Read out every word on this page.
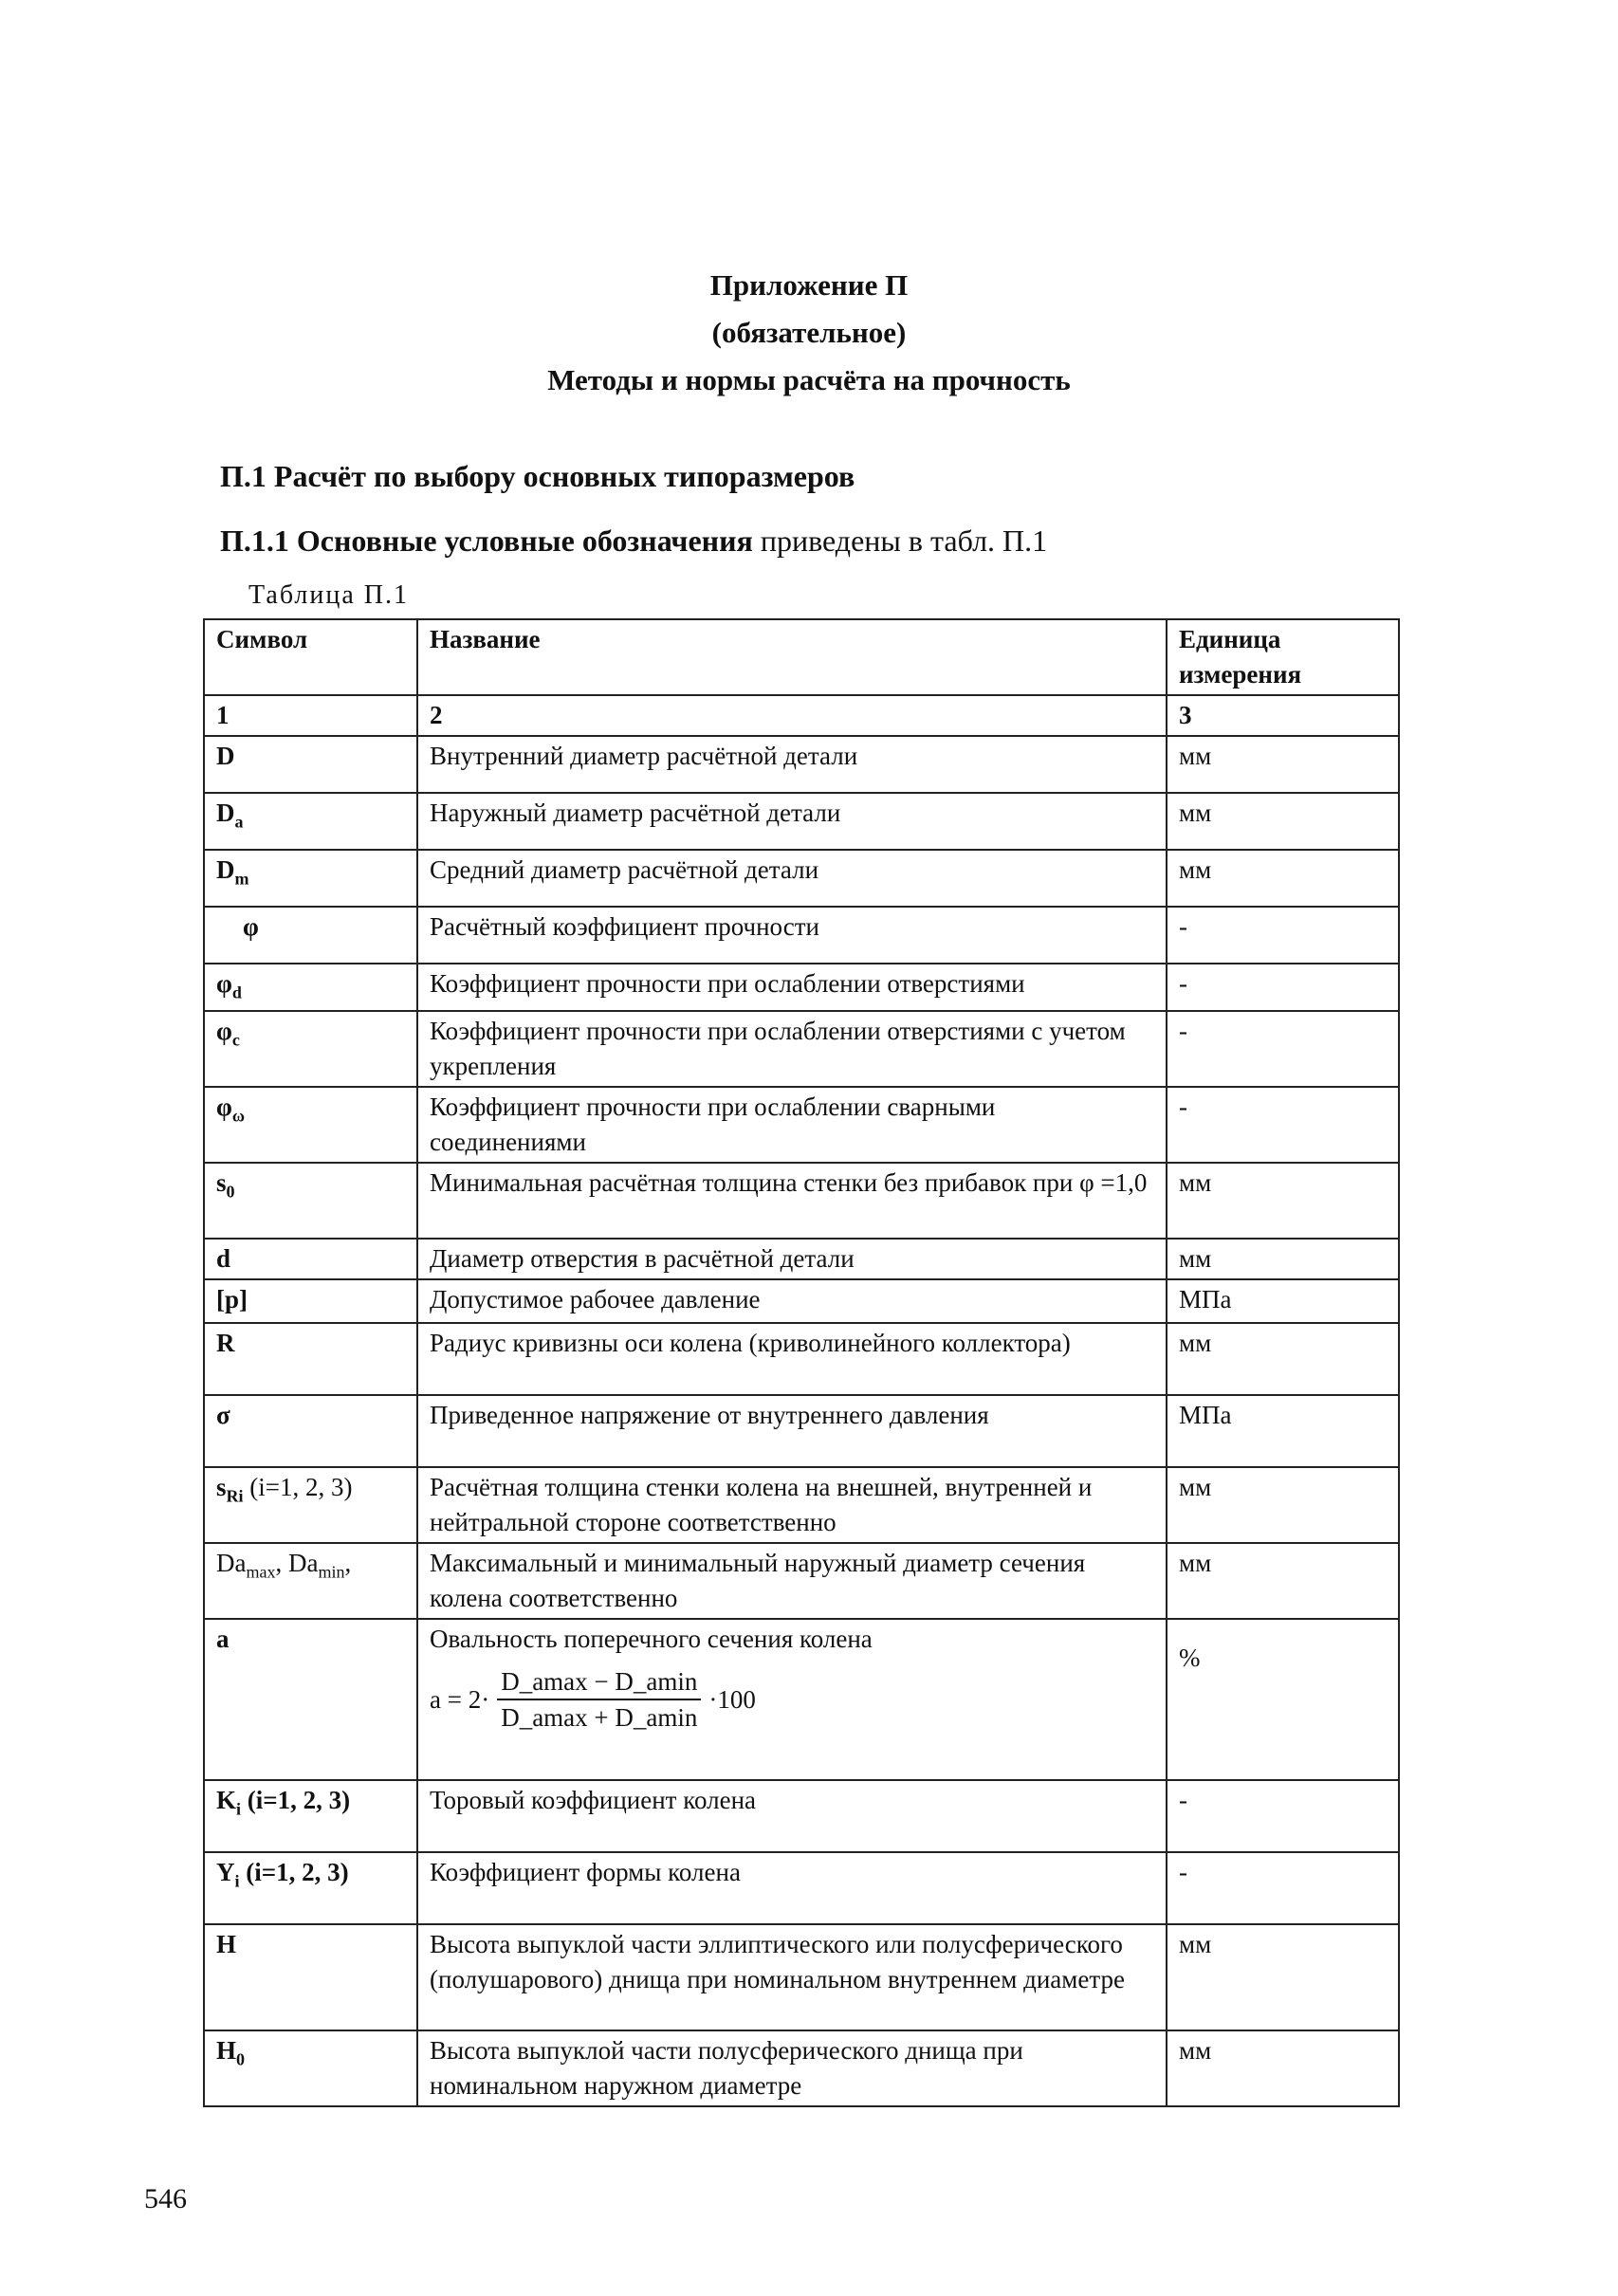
Приложение П
(обязательное)
Методы и нормы расчёта на прочность
П.1 Расчёт по выбору основных типоразмеров
П.1.1 Основные условные обозначения приведены в табл. П.1
Таблица П.1
Символ	Название	Единица
измерения
1	2	3
D	Внутренний диаметр расчётной детали	мм
$D_a$	Наружный диаметр расчётной детали	мм
$D_m$	Средний диаметр расчётной детали	мм
φ	Расчётный коэффициент прочности	-
$\varphi_d$	Коэффициент прочности при ослаблении отверстиями	-
$\varphi_c$	Коэффициент прочности при ослаблении отверстиями с учетом укрепления	-
$\varphi_\omega$	Коэффициент прочности при ослаблении сварными соединениями	-
$s_0$	Минимальная расчётная толщина стенки без прибавок при φ =1,0	мм
d	Диаметр отверстия в расчётной детали	мм
[p]	Допустимое рабочее давление	МПа
R	Радиус кривизны оси колена (криволинейного коллектора)	мм
σ	Приведенное напряжение от внутреннего давления	МПа
$s_{Ri}$ (i=1, 2, 3)	Расчётная толщина стенки колена на внешней, внутренней и нейтральной стороне соответственно	мм
$Da_{max}$, $Da_{min}$,	Максимальный и минимальный наружный диаметр сечения колена соответственно	мм
a	Овальность поперечного сечения колена
$a = 2\cdot \frac{D\_amax - D\_amin}{D\_amax + D\_amin} \cdot 100$	%
$K_i$ (i=1, 2, 3)	Торовый коэффициент колена	-
$Y_i$ (i=1, 2, 3)	Коэффициент формы колена	-
H	Высота выпуклой части эллиптического или полусферического (полушарового) днища при номинальном внутреннем диаметре	мм
$H_0$	Высота выпуклой части полусферического днища при номинальном наружном диаметре	мм
546
